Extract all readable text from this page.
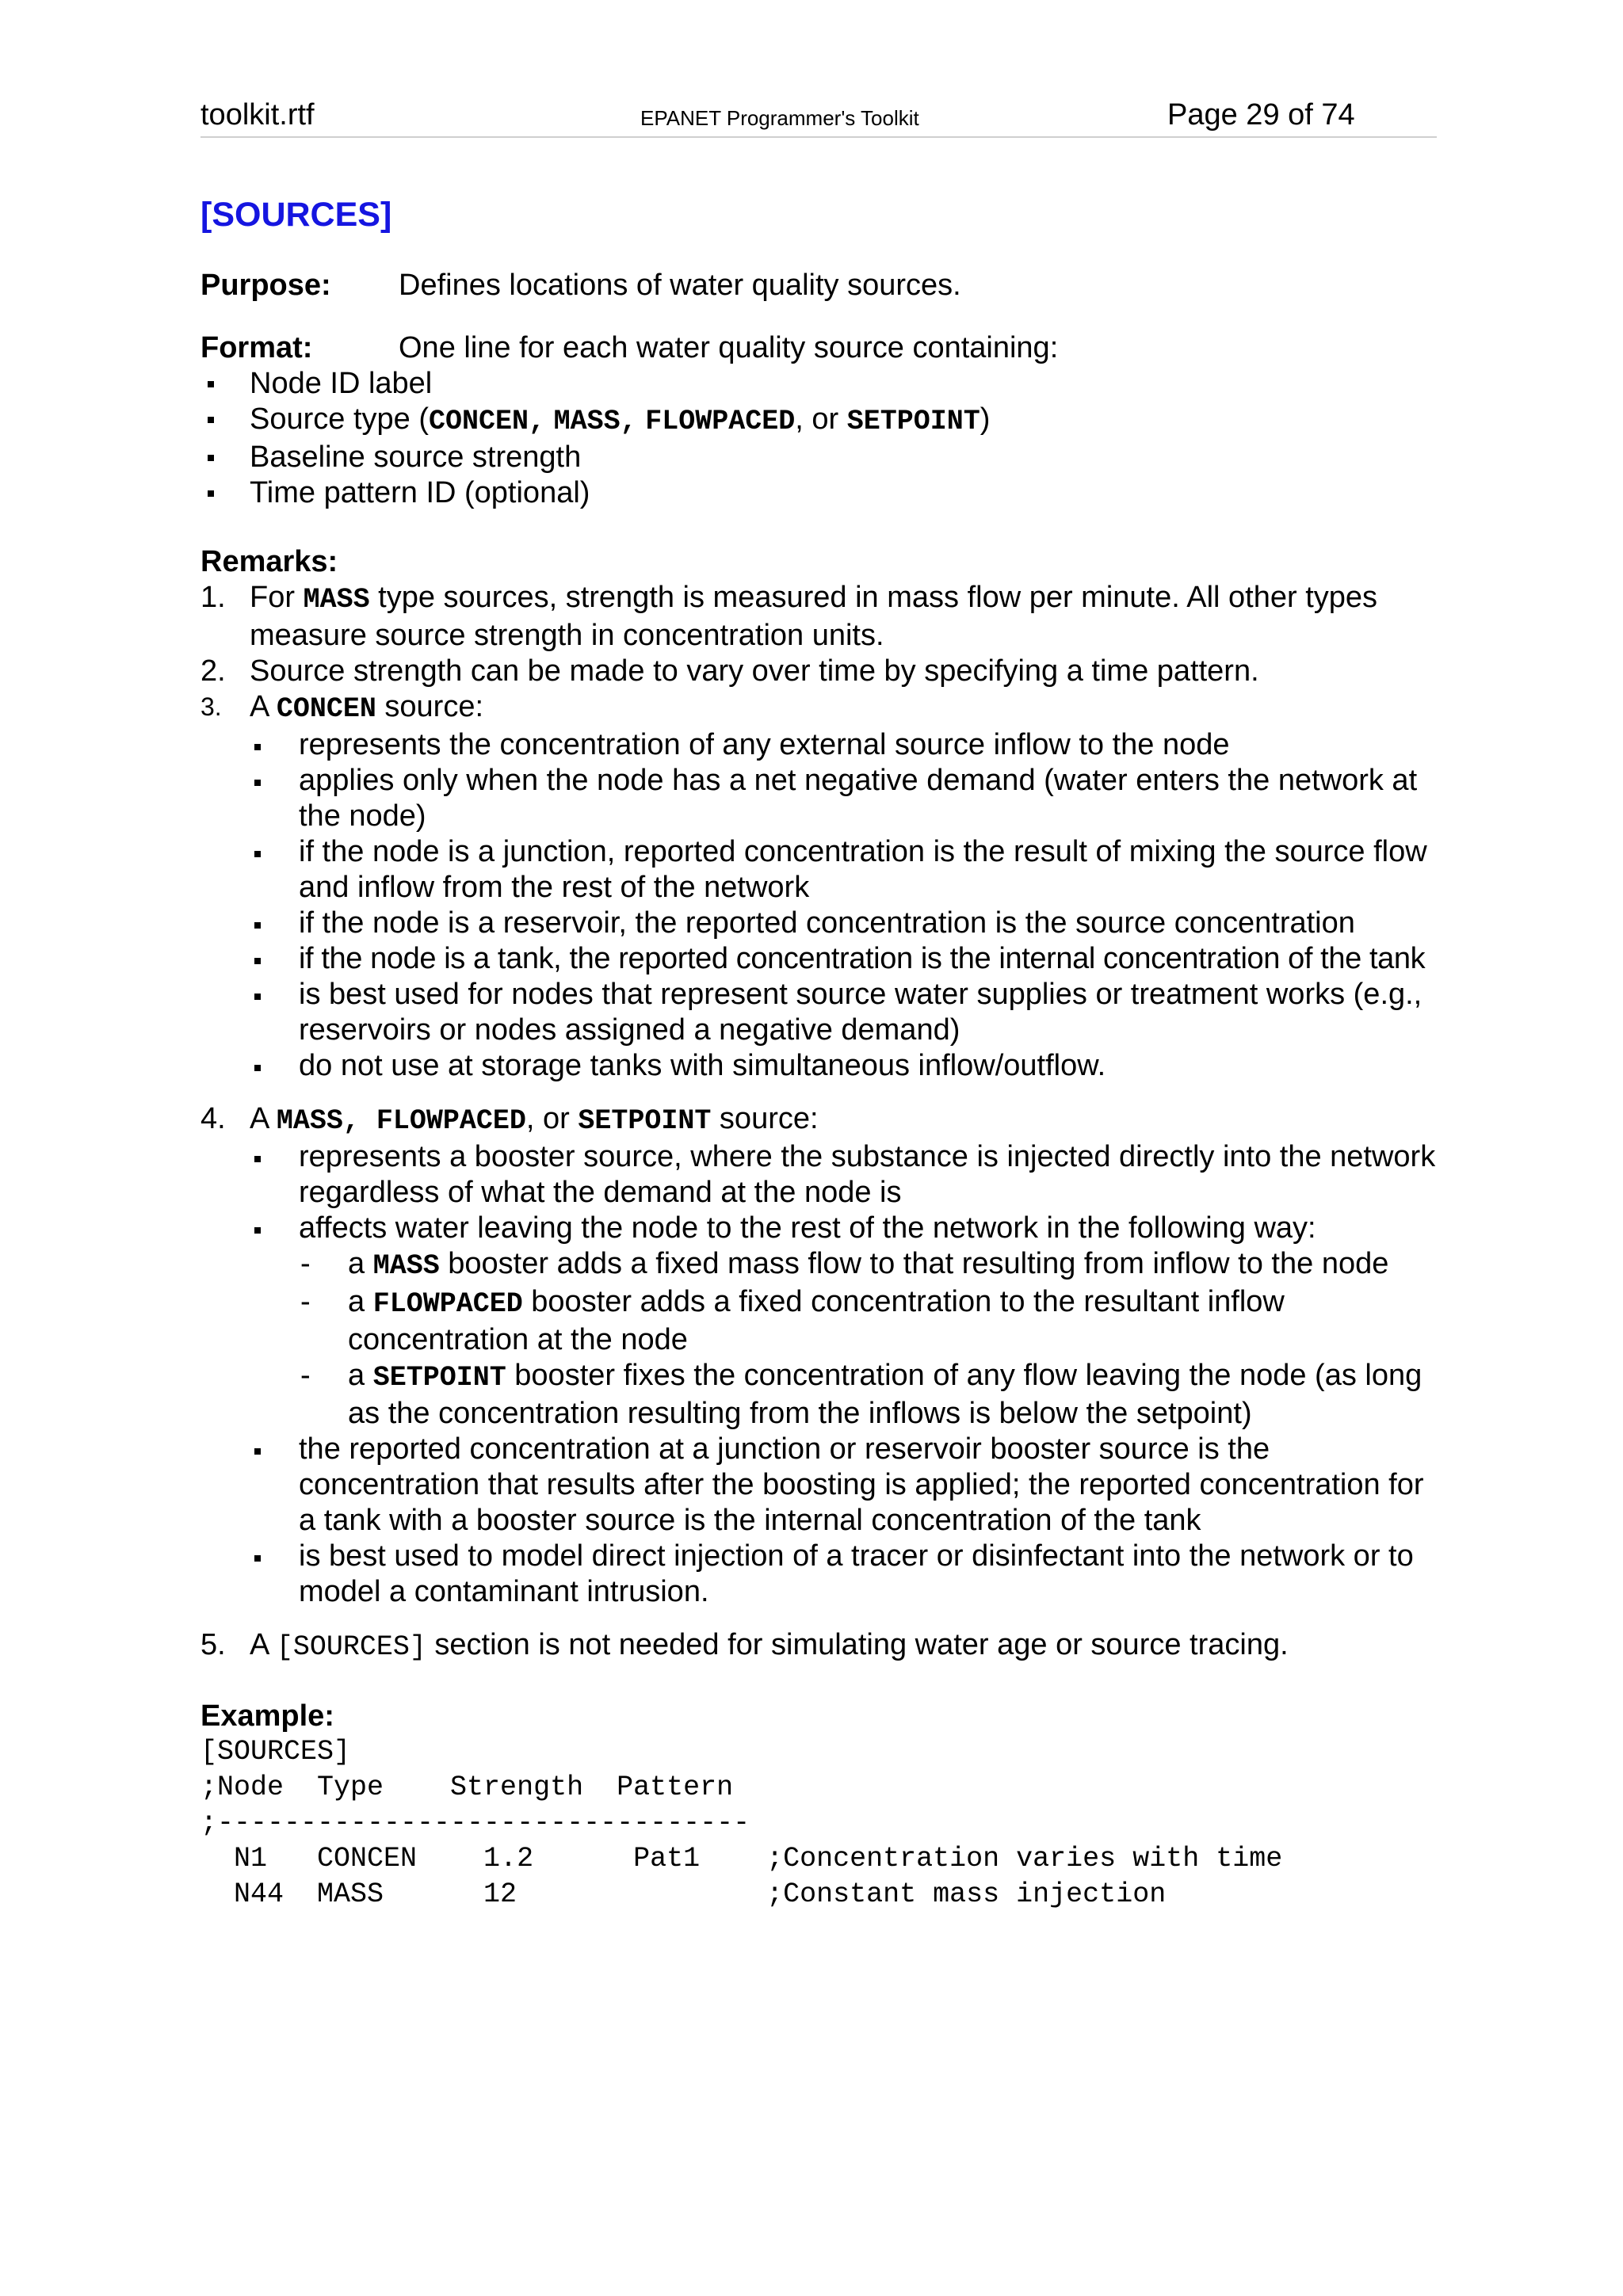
toolkit.rtf	EPANET Programmer's Toolkit	Page 29 of 74
[SOURCES]
Purpose:	Defines locations of water quality sources.
Format:	One line for each water quality source containing:
Node ID label
Source type (CONCEN, MASS, FLOWPACED, or SETPOINT)
Baseline source strength
Time pattern ID (optional)
Remarks:
1. For MASS type sources, strength is measured in mass flow per minute. All other types measure source strength in concentration units.
2. Source strength can be made to vary over time by specifying a time pattern.
3. A CONCEN source:
represents the concentration of any external source inflow to the node
applies only when the node has a net negative demand (water enters the network at the node)
if the node is a junction, reported concentration is the result of mixing the source flow and inflow from the rest of the network
if the node is a reservoir, the reported concentration is the source concentration
if the node is a tank, the reported concentration is the internal concentration of the tank
is best used for nodes that represent source water supplies or treatment works (e.g., reservoirs or nodes assigned a negative demand)
do not use at storage tanks with simultaneous inflow/outflow.
4. A MASS, FLOWPACED, or SETPOINT source:
represents a booster source, where the substance is injected directly into the network regardless of what the demand at the node is
affects water leaving the node to the rest of the network in the following way:
- a MASS booster adds a fixed mass flow to that resulting from inflow to the node
- a FLOWPACED booster adds a fixed concentration to the resultant inflow concentration at the node
- a SETPOINT booster fixes the concentration of any flow leaving the node (as long as the concentration resulting from the inflows is below the setpoint)
the reported concentration at a junction or reservoir booster source is the concentration that results after the boosting is applied; the reported concentration for a tank with a booster source is the internal concentration of the tank
is best used to model direct injection of a tracer or disinfectant into the network or to model a contaminant intrusion.
5. A [SOURCES] section is not needed for simulating water age or source tracing.
Example:
[SOURCES]
;Node  Type    Strength  Pattern
;--------------------------------
N1   CONCEN    1.2      Pat1    ;Concentration varies with time
N44  MASS      12               ;Constant mass injection
